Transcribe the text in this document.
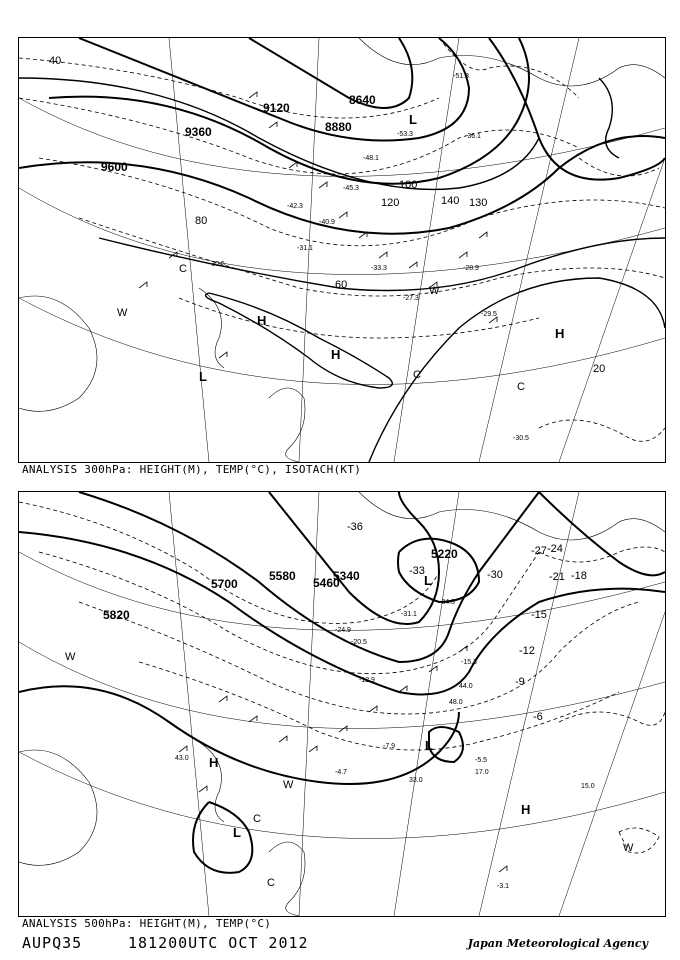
9600
9360
9120
8880
8640
40
60
80
100
120	140 130
20
L
H
H
H
L
C
C
C
W
W
-53.3
-51.3
-48.1
-45.3
-42.3
-40.9
-36.1
-33.3
-31.1
-30.5
-29.5
-28.9
-27.3
-30.5
ANALYSIS 300hPa: HEIGHT(M), TEMP(°C), ISOTACH(KT)
5820
5700
5580 5460
5340
5220
-36
-33	-30
-27 -24
-21 -18
-15
-12
-9
-6
L
L
L
H
H
W
W
W
C
C
-34.3
-31.1
-24.9
-20.5
-15.3
-12.9
-7.9
-5.5
-4.7
-3.1
44.0
48.0
33.0
17.0
15.0
43.0
ANALYSIS 500hPa: HEIGHT(M), TEMP(°C)
AUPQ35	181200UTC OCT 2012	Japan Meteorological Agency
